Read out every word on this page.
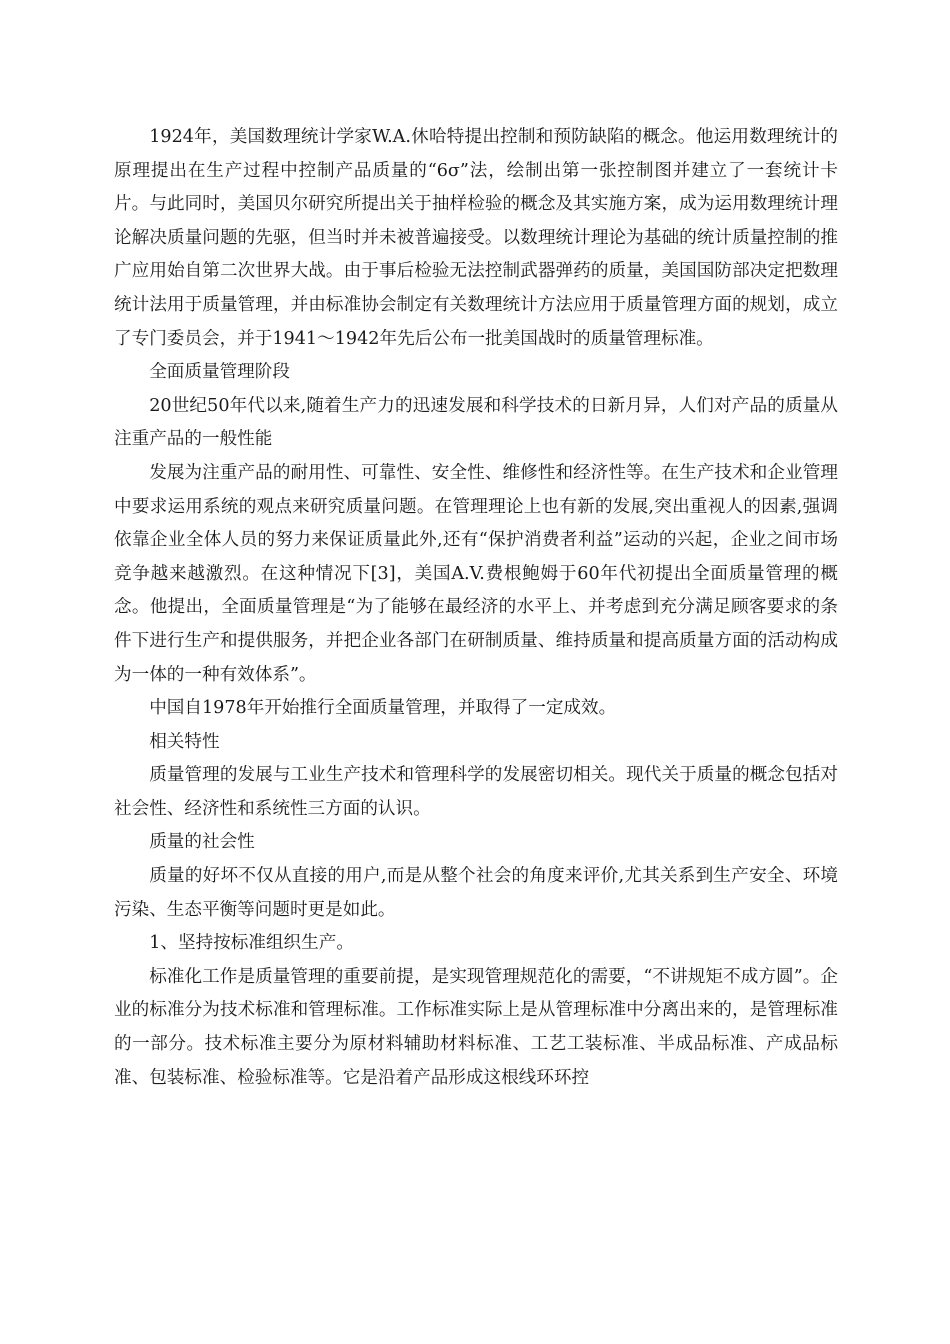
1924年，美国数理统计学家W.A.休哈特提出控制和预防缺陷的概念。他运用数理统计的原理提出在生产过程中控制产品质量的“6σ”法，绘制出第一张控制图并建立了一套统计卡片。与此同时，美国贝尔研究所提出关于抽样检验的概念及其实施方案，成为运用数理统计理论解决质量问题的先驱，但当时并未被普遍接受。以数理统计理论为基础的统计质量控制的推广应用始自第二次世界大战。由于事后检验无法控制武器弹药的质量，美国国防部决定把数理统计法用于质量管理，并由标准协会制定有关数理统计方法应用于质量管理方面的规划，成立了专门委员会，并于1941～1942年先后公布一批美国战时的质量管理标准。

全面质量管理阶段

20世纪50年代以来,随着生产力的迅速发展和科学技术的日新月异，人们对产品的质量从注重产品的一般性能

发展为注重产品的耐用性、可靠性、安全性、维修性和经济性等。在生产技术和企业管理中要求运用系统的观点来研究质量问题。在管理理论上也有新的发展,突出重视人的因素,强调依靠企业全体人员的努力来保证质量此外,还有“保护消费者利益”运动的兴起，企业之间市场竞争越来越激烈。在这种情况下[3]，美国A.V.费根鲍姆于60年代初提出全面质量管理的概念。他提出，全面质量管理是“为了能够在最经济的水平上、并考虑到充分满足顾客要求的条件下进行生产和提供服务，并把企业各部门在研制质量、维持质量和提高质量方面的活动构成为一体的一种有效体系”。

中国自1978年开始推行全面质量管理，并取得了一定成效。

相关特性

质量管理的发展与工业生产技术和管理科学的发展密切相关。现代关于质量的概念包括对社会性、经济性和系统性三方面的认识。

质量的社会性

质量的好坏不仅从直接的用户,而是从整个社会的角度来评价,尤其关系到生产安全、环境污染、生态平衡等问题时更是如此。

1、坚持按标准组织生产。

标准化工作是质量管理的重要前提，是实现管理规范化的需要，“不讲规矩不成方圆”。企业的标准分为技术标准和管理标准。工作标准实际上是从管理标准中分离出来的，是管理标准的一部分。技术标准主要分为原材料辅助材料标准、工艺工装标准、半成品标准、产成品标准、包装标准、检验标准等。它是沿着产品形成这根线环环控
